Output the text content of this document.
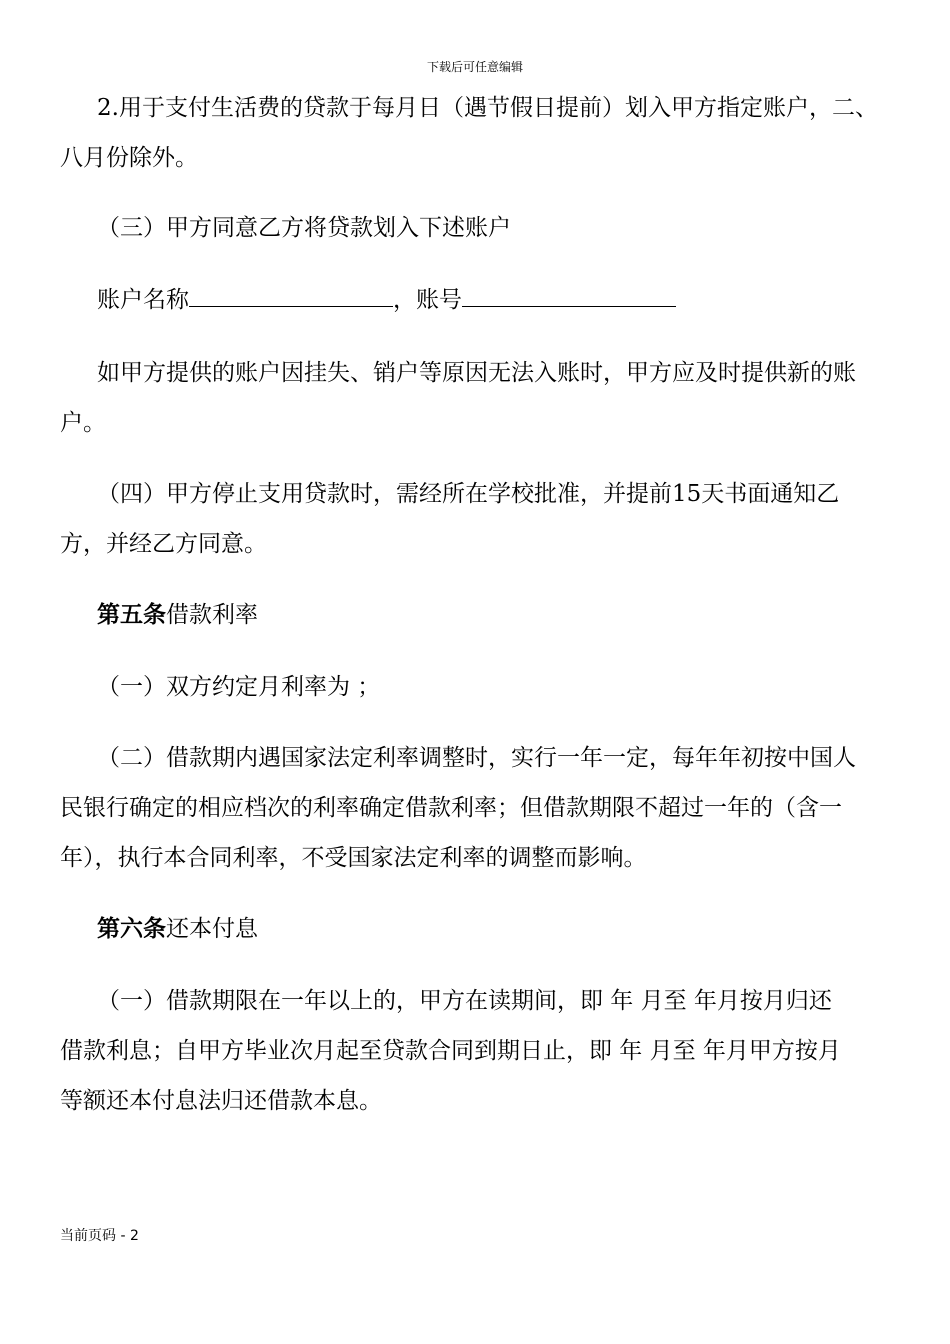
下载后可任意编辑
2.用于支付生活费的贷款于每月日（遇节假日提前）划入甲方指定账户，二、
八月份除外。
（三）甲方同意乙方将贷款划入下述账户
账户名称	，账号
如甲方提供的账户因挂失、销户等原因无法入账时，甲方应及时提供新的账
户。
（四）甲方停止支用贷款时，需经所在学校批准，并提前15天书面通知乙
方，并经乙方同意。
第五条借款利率
（一）双方约定月利率为 ；
（二）借款期内遇国家法定利率调整时，实行一年一定，每年年初按中国人
民银行确定的相应档次的利率确定借款利率；但借款期限不超过一年的（含一
年），执行本合同利率，不受国家法定利率的调整而影响。
第六条还本付息
（一）借款期限在一年以上的，甲方在读期间，即 年 月至 年月按月归还
借款利息；自甲方毕业次月起至贷款合同到期日止，即 年 月至 年月甲方按月
等额还本付息法归还借款本息。
当前页码 - 2
